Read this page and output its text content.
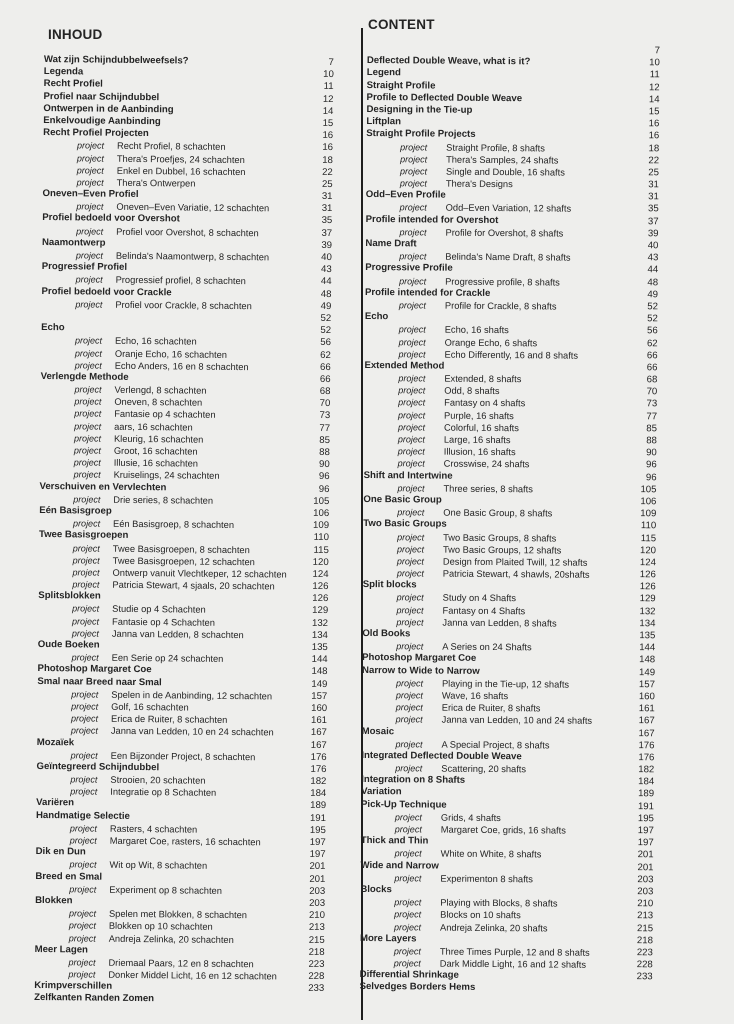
INHOUD
CONTENT
Wat zijn Schijndubbelweefsels?	7
Legenda	10
Recht Profiel	11
Profiel naar Schijndubbel	12
Ontwerpen in de Aanbinding	14
Enkelvoudige Aanbinding	15
Recht Profiel Projecten	16
project Recht Profiel, 8 schachten	16
project Thera's Proefjes, 24 schachten	18
project Enkel en Dubbel, 16 schachten	22
project Thera's Ontwerpen	25
Oneven–Even Profiel	31
project Oneven–Even Variatie, 12 schachten	31
Profiel bedoeld voor Overshot	35
project Profiel voor Overshot, 8 schachten	37
Naamontwerp	39
project Belinda's Naamontwerp, 8 schachten	40
Progressief Profiel	43
project Progressief profiel, 8 schachten	44
Profiel bedoeld voor Crackle	48
project Profiel voor Crackle, 8 schachten	49
52
Echo	52
project Echo, 16 schachten	56
project Oranje Echo, 16 schachten	62
project Echo Anders, 16 en 8 schachten	66
Verlengde Methode	66
project Verlengd, 8 schachten	68
project Oneven, 8 schachten	70
project Fantasie op 4 schachten	73
project aars, 16 schachten	77
project Kleurig, 16 schachten	85
project Groot, 16 schachten	88
project Illusie, 16 schachten	90
project Kruiselings, 24 schachten	96
Verschuiven en Vervlechten	96
project Drie series, 8 schachten	105
Eén Basisgroep	106
project Eén Basisgroep, 8 schachten	109
Twee Basisgroepen	110
project Twee Basisgroepen, 8 schachten	115
project Twee Basisgroepen, 12 schachten	120
project Ontwerp vanuit Vlechtkeper, 12 schachten	124
project Patricia Stewart, 4 sjaals, 20 schachten	126
Splitsblokken	126
project Studie op 4 Schachten	129
project Fantasie op 4 Schachten	132
project Janna van Ledden, 8 schachten	134
Oude Boeken	135
project Een Serie op 24 schachten	144
Photoshop Margaret Coe	148
Smal naar Breed naar Smal	149
project Spelen in de Aanbinding, 12 schachten	157
project Golf, 16 schachten	160
project Erica de Ruiter, 8 schachten	161
project Janna van Ledden, 10 en 24 schachten	167
Mozaïek	167
project Een Bijzonder Project, 8 schachten	176
Geïntegreerd Schijndubbel	176
project Strooien, 20 schachten	182
project Integratie op 8 Schachten	184
Variëren	189
Handmatige Selectie	191
project Rasters, 4 schachten	195
project Margaret Coe, rasters, 16 schachten	197
Dik en Dun	197
project Wit op Wit, 8 schachten	201
Breed en Smal	201
project Experiment op 8 schachten	203
Blokken	203
project Spelen met Blokken, 8 schachten	210
project Blokken op 10 schachten	213
project Andreja Zelinka, 20 schachten	215
Meer Lagen	218
project Driemaal Paars, 12 en 8 schachten	223
project Donker Middel Licht, 16 en 12 schachten	228
Krimpverschillen	233
Zelfkanten Randen Zomen
7
Deflected Double Weave, what is it?	10
Legend	11
Straight Profile	12
Profile to Deflected Double Weave	14
Designing in the Tie-up	15
Liftplan	16
Straight Profile Projects	16
project Straight Profile, 8 shafts	18
project Thera's Samples, 24 shafts	22
project Single and Double, 16 shafts	25
project Thera's Designs	31
Odd–Even Profile	31
project Odd–Even Variation, 12 shafts	35
Profile intended for Overshot	37
project Profile for Overshot, 8 shafts	39
Name Draft	40
project Belinda's Name Draft, 8 shafts	43
Progressive Profile	44
project Progressive profile, 8 shafts	48
Profile intended for Crackle	49
project Profile for Crackle, 8 shafts	52
Echo	52
project Echo, 16 shafts	56
project Orange Echo, 6 shafts	62
project Echo Differently, 16 and 8 shafts	66
Extended Method	66
project Extended, 8 shafts	68
project Odd, 8 shafts	70
project Fantasy on 4 shafts	73
project Purple, 16 shafts	77
project Colorful, 16 shafts	85
project Large, 16 shafts	88
project Illusion, 16 shafts	90
project Crosswise, 24 shafts	96
Shift and Intertwine	96
project Three series, 8 shafts	105
One Basic Group	106
project One Basic Group, 8 shafts	109
Two Basic Groups	110
project Two Basic Groups, 8 shafts	115
project Two Basic Groups, 12 shafts	120
project Design from Plaited Twill, 12 shafts	124
project Patricia Stewart, 4 shawls, 20shafts	126
Split blocks	126
project Study on 4 Shafts	129
project Fantasy on 4 Shafts	132
project Janna van Ledden, 8 shafts	134
Old Books	135
project A Series on 24 Shafts	144
Photoshop Margaret Coe	148
Narrow to Wide to Narrow	149
project Playing in the Tie-up, 12 shafts	157
project Wave, 16 shafts	160
project Erica de Ruiter, 8 shafts	161
project Janna van Ledden, 10 and 24 shafts	167
Mosaic	167
project A Special Project, 8 shafts	176
Integrated Deflected Double Weave	176
project Scattering, 20 shafts	182
Integration on 8 Shafts	184
Variation	189
Pick-Up Technique	191
project Grids, 4 shafts	195
project Margaret Coe, grids, 16 shafts	197
Thick and Thin	197
project White on White, 8 shafts	201
Wide and Narrow	201
project Experimenton 8 shafts	203
Blocks	203
project Playing with Blocks, 8 shafts	210
project Blocks on 10 shafts	213
project Andreja Zelinka, 20 shafts	215
More Layers	218
project Three Times Purple, 12 and 8 shafts	223
project Dark Middle Light, 16 and 12 shafts	228
Differential Shrinkage	233
Selvedges Borders Hems
